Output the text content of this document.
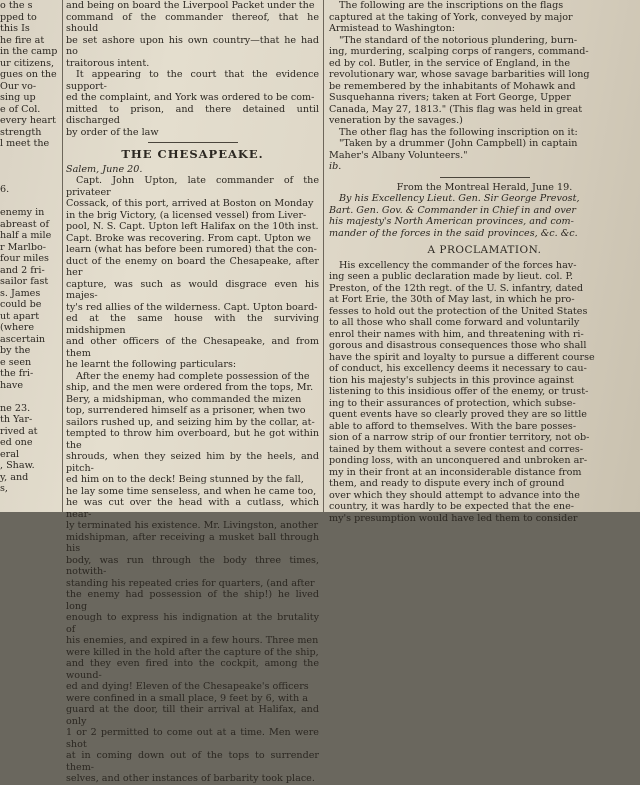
o the s

pped to

this Is

he fire at

in the camp

ur citizens,

gues on the

Our vo-

sing up

e of Col.

every heart

strength

l meet the

6.

enemy in

abreast of

half a mile

r Marlbo-

four miles

and 2 fri-

sailor fast

s. James

could be

ut apart

(where

ascertain

by the

e seen

the fri-

have

ne 23.

th Yar-

rived at

ed one

eral

, Shaw.

y, and

s,

and being on board the Liverpool Packet under the

command of the commander thereof, that he should

be set ashore upon his own country—that he had no

traitorous intent.

It appearing to the court that the evidence support-

ed the complaint, and York was ordered to be com-

mitted to prison, and there detained until discharged

by order of the law

THE CHESAPEAKE.

Salem, June 20.

Capt. John Upton, late commander of the privateer

Cossack, of this port, arrived at Boston on Monday

in the brig Victory, (a licensed vessel) from Liver-

pool, N. S. Capt. Upton left Halifax on the 10th inst.

Capt. Broke was recovering. From capt. Upton we

learn (what has before been rumored) that the con-

duct of the enemy on board the Chesapeake, after her

capture, was such as would disgrace even his majes-

ty's red allies of the wilderness. Capt. Upton board-

ed at the same house with the surviving midshipmen

and other officers of the Chesapeake, and from them

he learnt the following particulars:

After the enemy had complete possession of the

ship, and the men were ordered from the tops, Mr.

Bery, a midshipman, who commanded the mizen

top, surrendered himself as a prisoner, when two

sailors rushed up, and seizing him by the collar, at-

tempted to throw him overboard, but he got within the

shrouds, when they seized him by the heels, and pitch-

ed him on to the deck! Being stunned by the fall,

he lay some time senseless, and when he came too,

he was cut over the head with a cutlass, which near-

ly terminated his existence. Mr. Livingston, another

midshipman, after receiving a musket ball through his

body, was run through the body three times, notwith-

standing his repeated cries for quarters, (and after

the enemy had possession of the ship!) he lived long

enough to express his indignation at the brutality of

his enemies, and expired in a few hours. Three men

were killed in the hold after the capture of the ship,

and they even fired into the cockpit, among the wound-

ed and dying! Eleven of the Chesapeake's officers

were confined in a small place, 9 feet by 6, with a

guard at the door, till their arrival at Halifax, and only

1 or 2 permitted to come out at a time. Men were shot

at in coming down out of the tops to surrender them-

selves, and other instances of barbarity took place.

The following are the inscriptions on the flags

captured at the taking of York, conveyed by major

Armistead to Washington:

"The standard of the notorious plundering, burn-

ing, murdering, scalping corps of rangers, command-

ed by col. Butler, in the service of England, in the

revolutionary war, whose savage barbarities will long

be remembered by the inhabitants of Mohawk and

Susquehanna rivers; taken at Fort George, Upper

Canada, May 27, 1813." (This flag was held in great

veneration by the savages.)

The other flag has the following inscription on it:

"Taken by a drummer (John Campbell) in captain

Maher's Albany Volunteers."

ib.

From the Montreal Herald, June 19.

By his Excellency Lieut. Gen. Sir George Prevost,

Bart. Gen. Gov. & Commander in Chief in and over

his majesty's North American provinces, and com-

mander of the forces in the said provinces, &c. &c.

A PROCLAMATION.

His excellency the commander of the forces hav-

ing seen a public declaration made by lieut. col. P.

Preston, of the 12th regt. of the U. S. infantry, dated

at Fort Erie, the 30th of May last, in which he pro-

fesses to hold out the protection of the United States

to all those who shall come forward and voluntarily

enrol their names with him, and threatening with ri-

gorous and disastrous consequences those who shall

have the spirit and loyalty to pursue a different course

of conduct, his excellency deems it necessary to cau-

tion his majesty's subjects in this province against

listening to this insidious offer of the enemy, or trust-

ing to their assurances of protection, which subse-

quent events have so clearly proved they are so little

able to afford to themselves. With the bare posses-

sion of a narrow strip of our frontier territory, not ob-

tained by them without a severe contest and corres-

ponding loss, with an unconquered and unbroken ar-

my in their front at an inconsiderable distance from

them, and ready to dispute every inch of ground

over which they should attempt to advance into the

country, it was hardly to be expected that the ene-

my's presumption would have led them to consider
